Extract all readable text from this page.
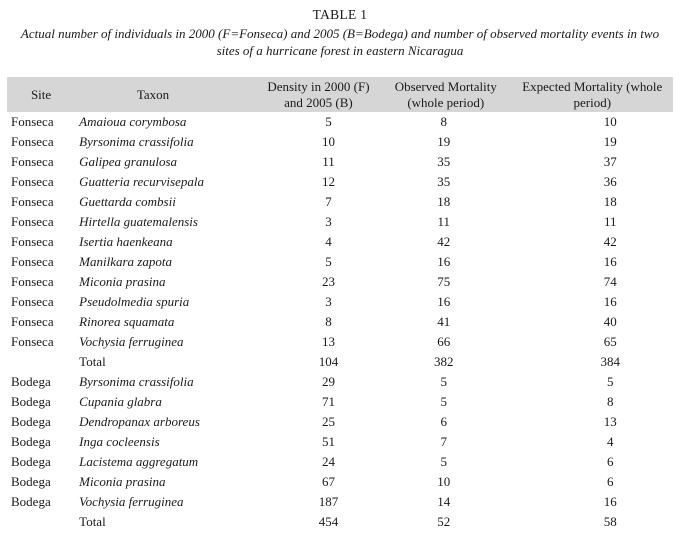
TABLE 1
Actual number of individuals in 2000 (F=Fonseca) and 2005 (B=Bodega) and number of observed mortality events in two sites of a hurricane forest in eastern Nicaragua
Site	Taxon	Density in 2000 (F) and 2005 (B)	Observed Mortality (whole period)	Expected Mortality (whole period)
Fonseca	Amaioua corymbosa	5	8	10
Fonseca	Byrsonima crassifolia	10	19	19
Fonseca	Galipea granulosa	11	35	37
Fonseca	Guatteria recurvisepala	12	35	36
Fonseca	Guettarda combsii	7	18	18
Fonseca	Hirtella guatemalensis	3	11	11
Fonseca	Isertia haenkeana	4	42	42
Fonseca	Manilkara zapota	5	16	16
Fonseca	Miconia prasina	23	75	74
Fonseca	Pseudolmedia spuria	3	16	16
Fonseca	Rinorea squamata	8	41	40
Fonseca	Vochysia ferruginea	13	66	65
	Total	104	382	384
Bodega	Byrsonima crassifolia	29	5	5
Bodega	Cupania glabra	71	5	8
Bodega	Dendropanax arboreus	25	6	13
Bodega	Inga cocleensis	51	7	4
Bodega	Lacistema aggregatum	24	5	6
Bodega	Miconia prasina	67	10	6
Bodega	Vochysia ferruginea	187	14	16
	Total	454	52	58
